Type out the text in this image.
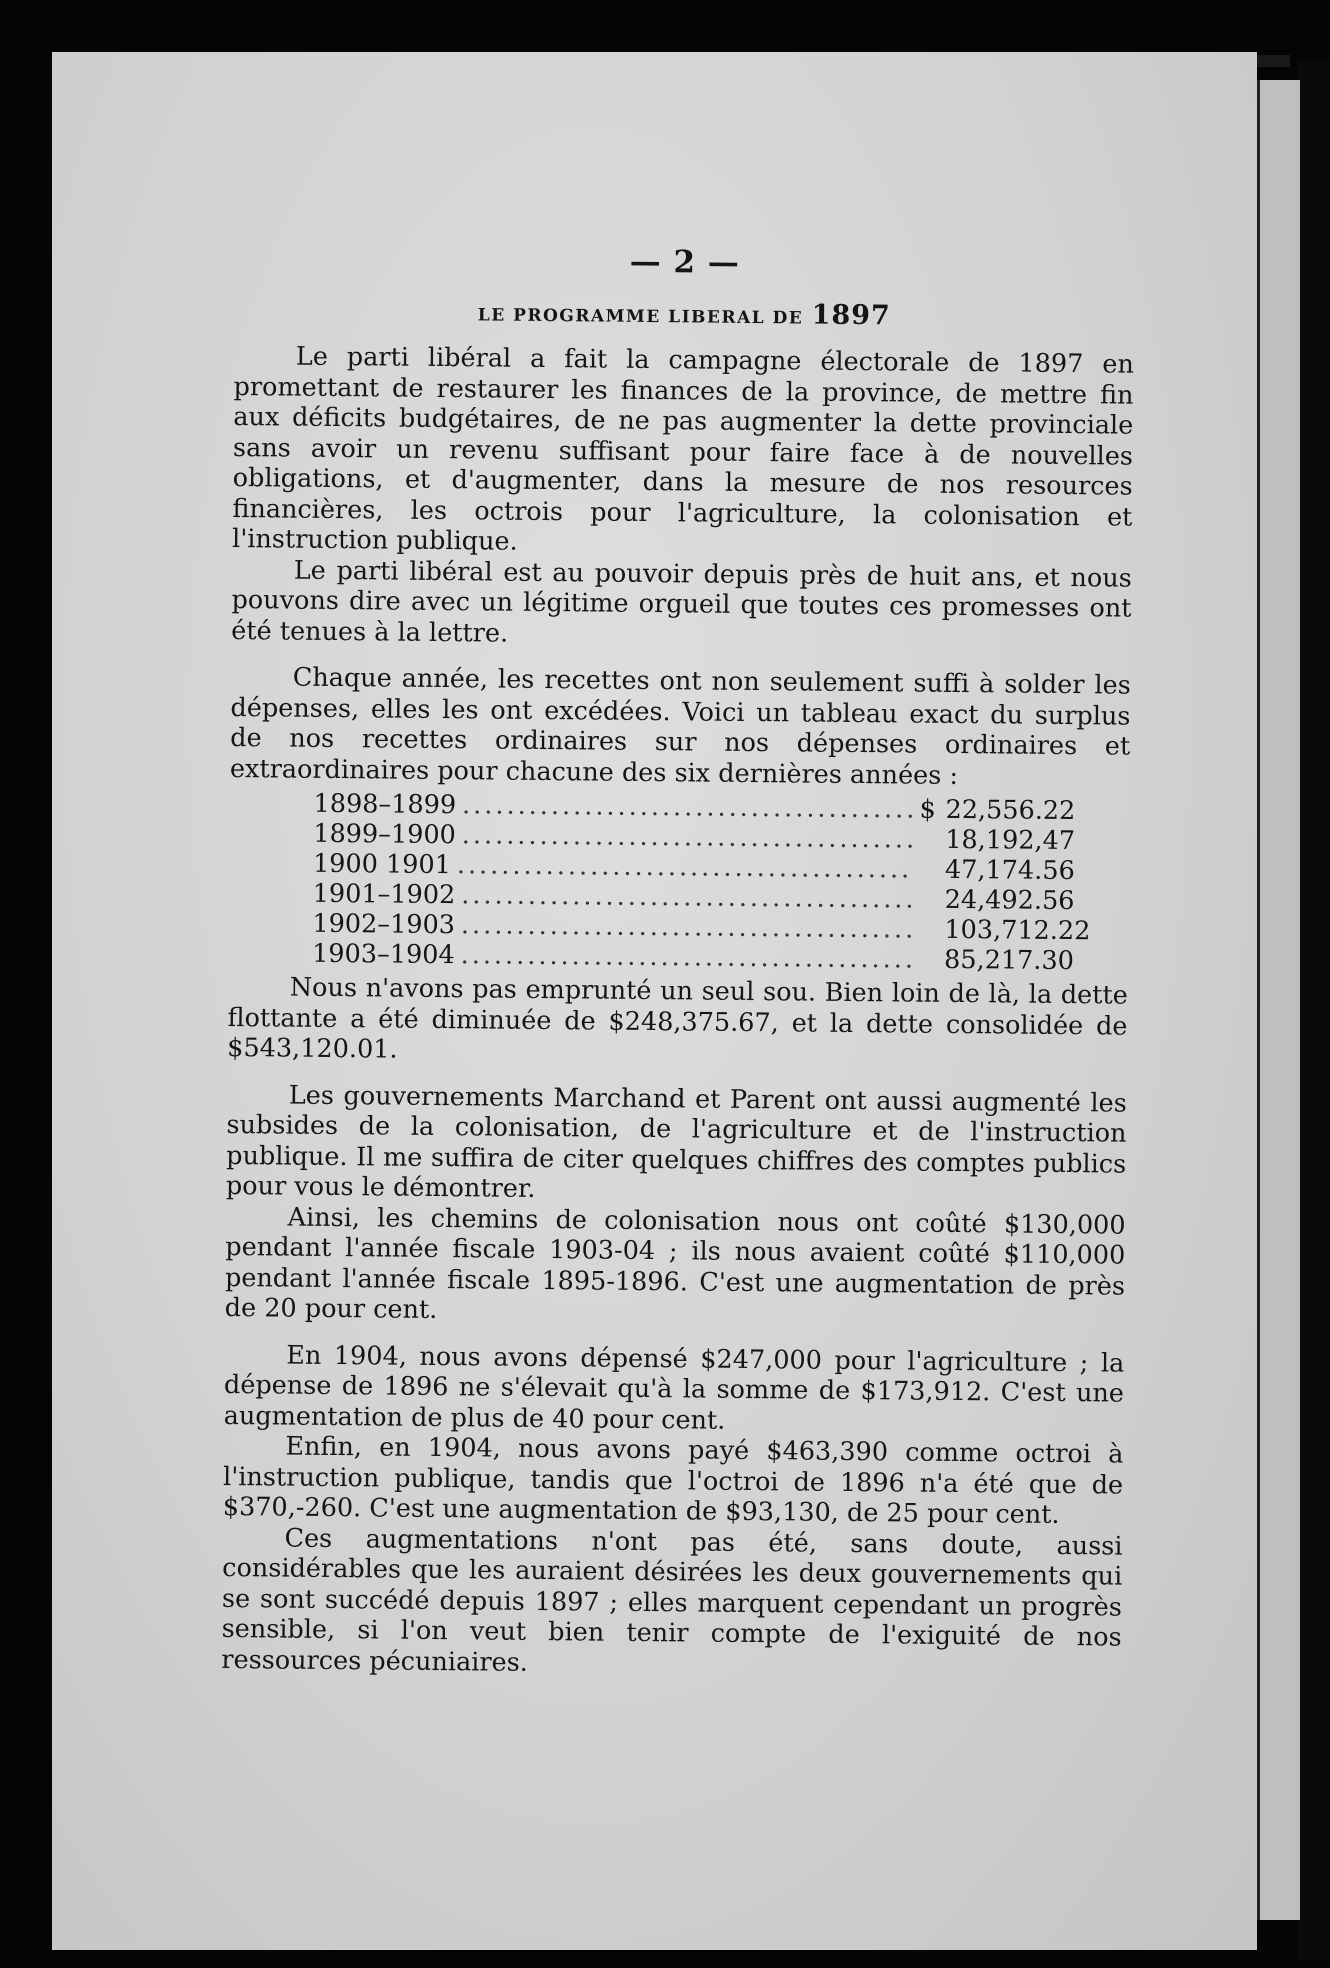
— 2 —
LE PROGRAMME LIBERAL DE 1897

Le parti libéral a fait la campagne électorale de 1897 en promettant de restaurer les finances de la province, de mettre fin aux déficits budgétaires, de ne pas augmenter la dette provinciale sans avoir un revenu suffisant pour faire face à de nouvelles obligations, et d'augmenter, dans la mesure de nos resources financières, les octrois pour l'agriculture, la colonisation et l'instruction publique.

Le parti libéral est au pouvoir depuis près de huit ans, et nous pouvons dire avec un légitime orgueil que toutes ces promesses ont été tenues à la lettre.

Chaque année, les recettes ont non seulement suffi à solder les dépenses, elles les ont excédées. Voici un tableau exact du surplus de nos recettes ordinaires sur nos dépenses ordinaires et extraordinaires pour chacune des six dernières années :

1898–1899 .....	$ 22,556.22
1899–1900 .....	18,192,47
1900 1901 .....	47,174.56
1901–1902 .....	24,492.56
1902–1903 .....	103,712.22
1903–1904 .....	85,217.30

Nous n'avons pas emprunté un seul sou. Bien loin de là, la dette flottante a été diminuée de $248,375.67, et la dette consolidée de $543,120.01.

Les gouvernements Marchand et Parent ont aussi augmenté les subsides de la colonisation, de l'agriculture et de l'instruction publique. Il me suffira de citer quelques chiffres des comptes publics pour vous le démontrer.

Ainsi, les chemins de colonisation nous ont coûté $130,000 pendant l'année fiscale 1903-04 ; ils nous avaient coûté $110,000 pendant l'année fiscale 1895-1896. C'est une augmentation de près de 20 pour cent.

En 1904, nous avons dépensé $247,000 pour l'agriculture ; la dépense de 1896 ne s'élevait qu'à la somme de $173,912. C'est une augmentation de plus de 40 pour cent.

Enfin, en 1904, nous avons payé $463,390 comme octroi à l'instruction publique, tandis que l'octroi de 1896 n'a été que de $370,-260. C'est une augmentation de $93,130, de 25 pour cent.

Ces augmentations n'ont pas été, sans doute, aussi considérables que les auraient désirées les deux gouvernements qui se sont succédé depuis 1897 ; elles marquent cependant un progrès sensible, si l'on veut bien tenir compte de l'exiguité de nos ressources pécuniaires.
